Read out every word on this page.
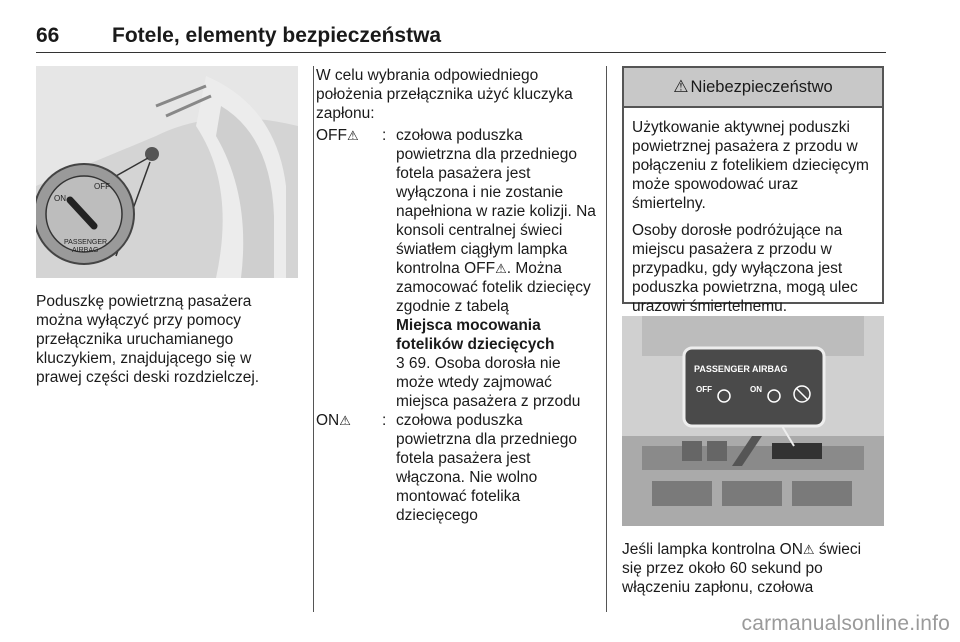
66	Fotele, elementy bezpieczeństwa
ON
OFF
PASSENGER
AIRBAG

Poduszkę powietrzną pasażera można wyłączyć przy pomocy przełącznika uruchamianego kluczykiem, znajdującego się w prawej części deski rozdzielczej.

W celu wybrania odpowiedniego położenia przełącznika użyć kluczyka zapłonu:

OFF⚠	: czołowa poduszka powietrzna dla przedniego fotela pasażera jest wyłączona i nie zostanie napełniona w razie kolizji. Na konsoli centralnej świeci światłem ciągłym lampka kontrolna OFF⚠. Można zamocować fotelik dziecięcy zgodnie z tabelą
Miejsca mocowania fotelików dziecięcych
3 69. Osoba dorosła nie może wtedy zajmować miejsca pasażera z przodu
ON⚠	: czołowa poduszka powietrzna dla przedniego fotela pasażera jest włączona. Nie wolno montować fotelika dziecięcego
⚠ Niebezpieczeństwo

Użytkowanie aktywnej poduszki powietrznej pasażera z przodu w połączeniu z fotelikiem dziecięcym może spowodować uraz śmiertelny.

Osoby dorosłe podróżujące na miejscu pasażera z przodu w przypadku, gdy wyłączona jest poduszka powietrzna, mogą ulec urazowi śmiertelnemu.

PASSENGER AIRBAG
OFF	ON

Jeśli lampka kontrolna ON⚠ świeci się przez około 60 sekund po włączeniu zapłonu, czołowa

carmanualsonline.info
